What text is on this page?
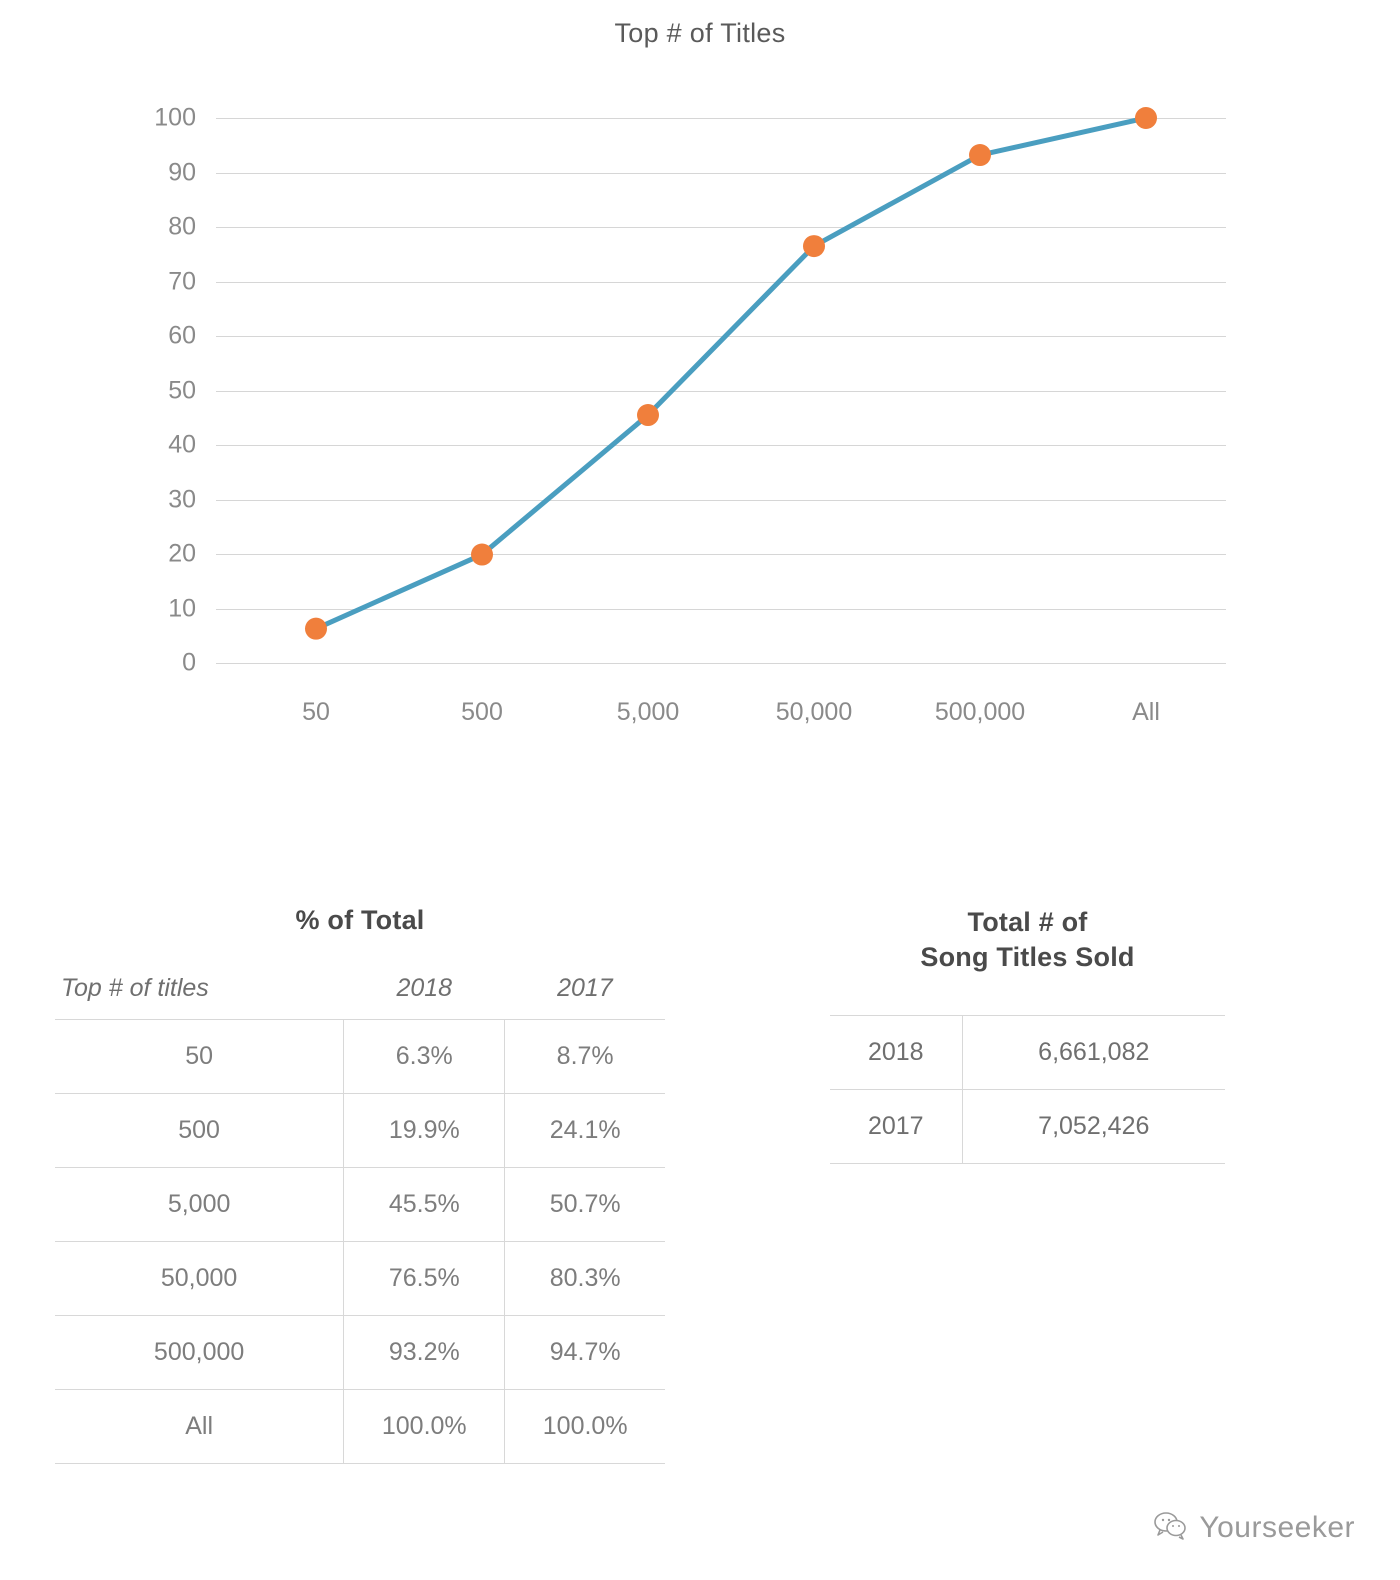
Top # of Titles
0
10
20
30
40
50
60
70
80
90
100
50	500	5,000	50,000	500,000	All
% of Total
Top # of titles	2018	2017
50	6.3%	8.7%
500	19.9%	24.1%
5,000	45.5%	50.7%
50,000	76.5%	80.3%
500,000	93.2%	94.7%
All	100.0%	100.0%
Total # of
Song Titles Sold
2018	6,661,082
2017	7,052,426
Yourseeker
